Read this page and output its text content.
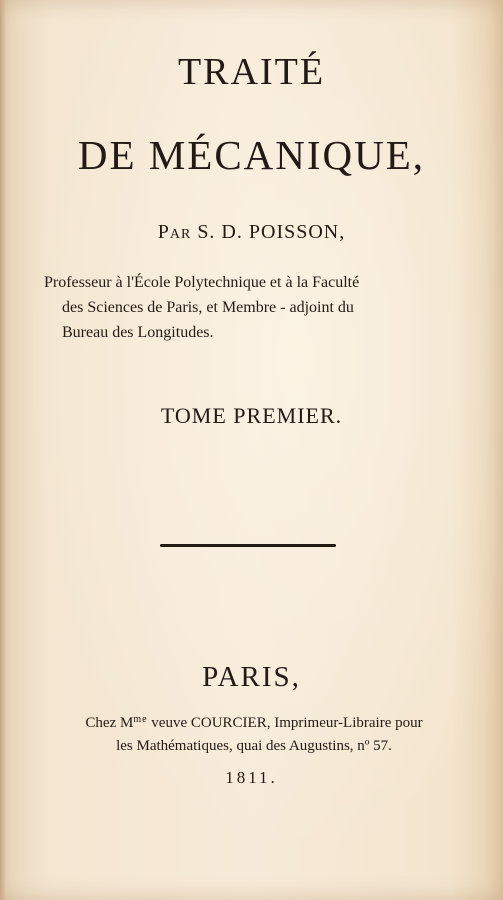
TRAITÉ
DE MÉCANIQUE,
Par S. D. POISSON,
Professeur à l'École Polytechnique et à la Faculté
des Sciences de Paris, et Membre - adjoint du
Bureau des Longitudes.
TOME PREMIER.
PARIS,
Chez $M^{me}$ veuve COURCIER, Imprimeur-Libraire pour
les Mathématiques, quai des Augustins, nº 57.
1811.
